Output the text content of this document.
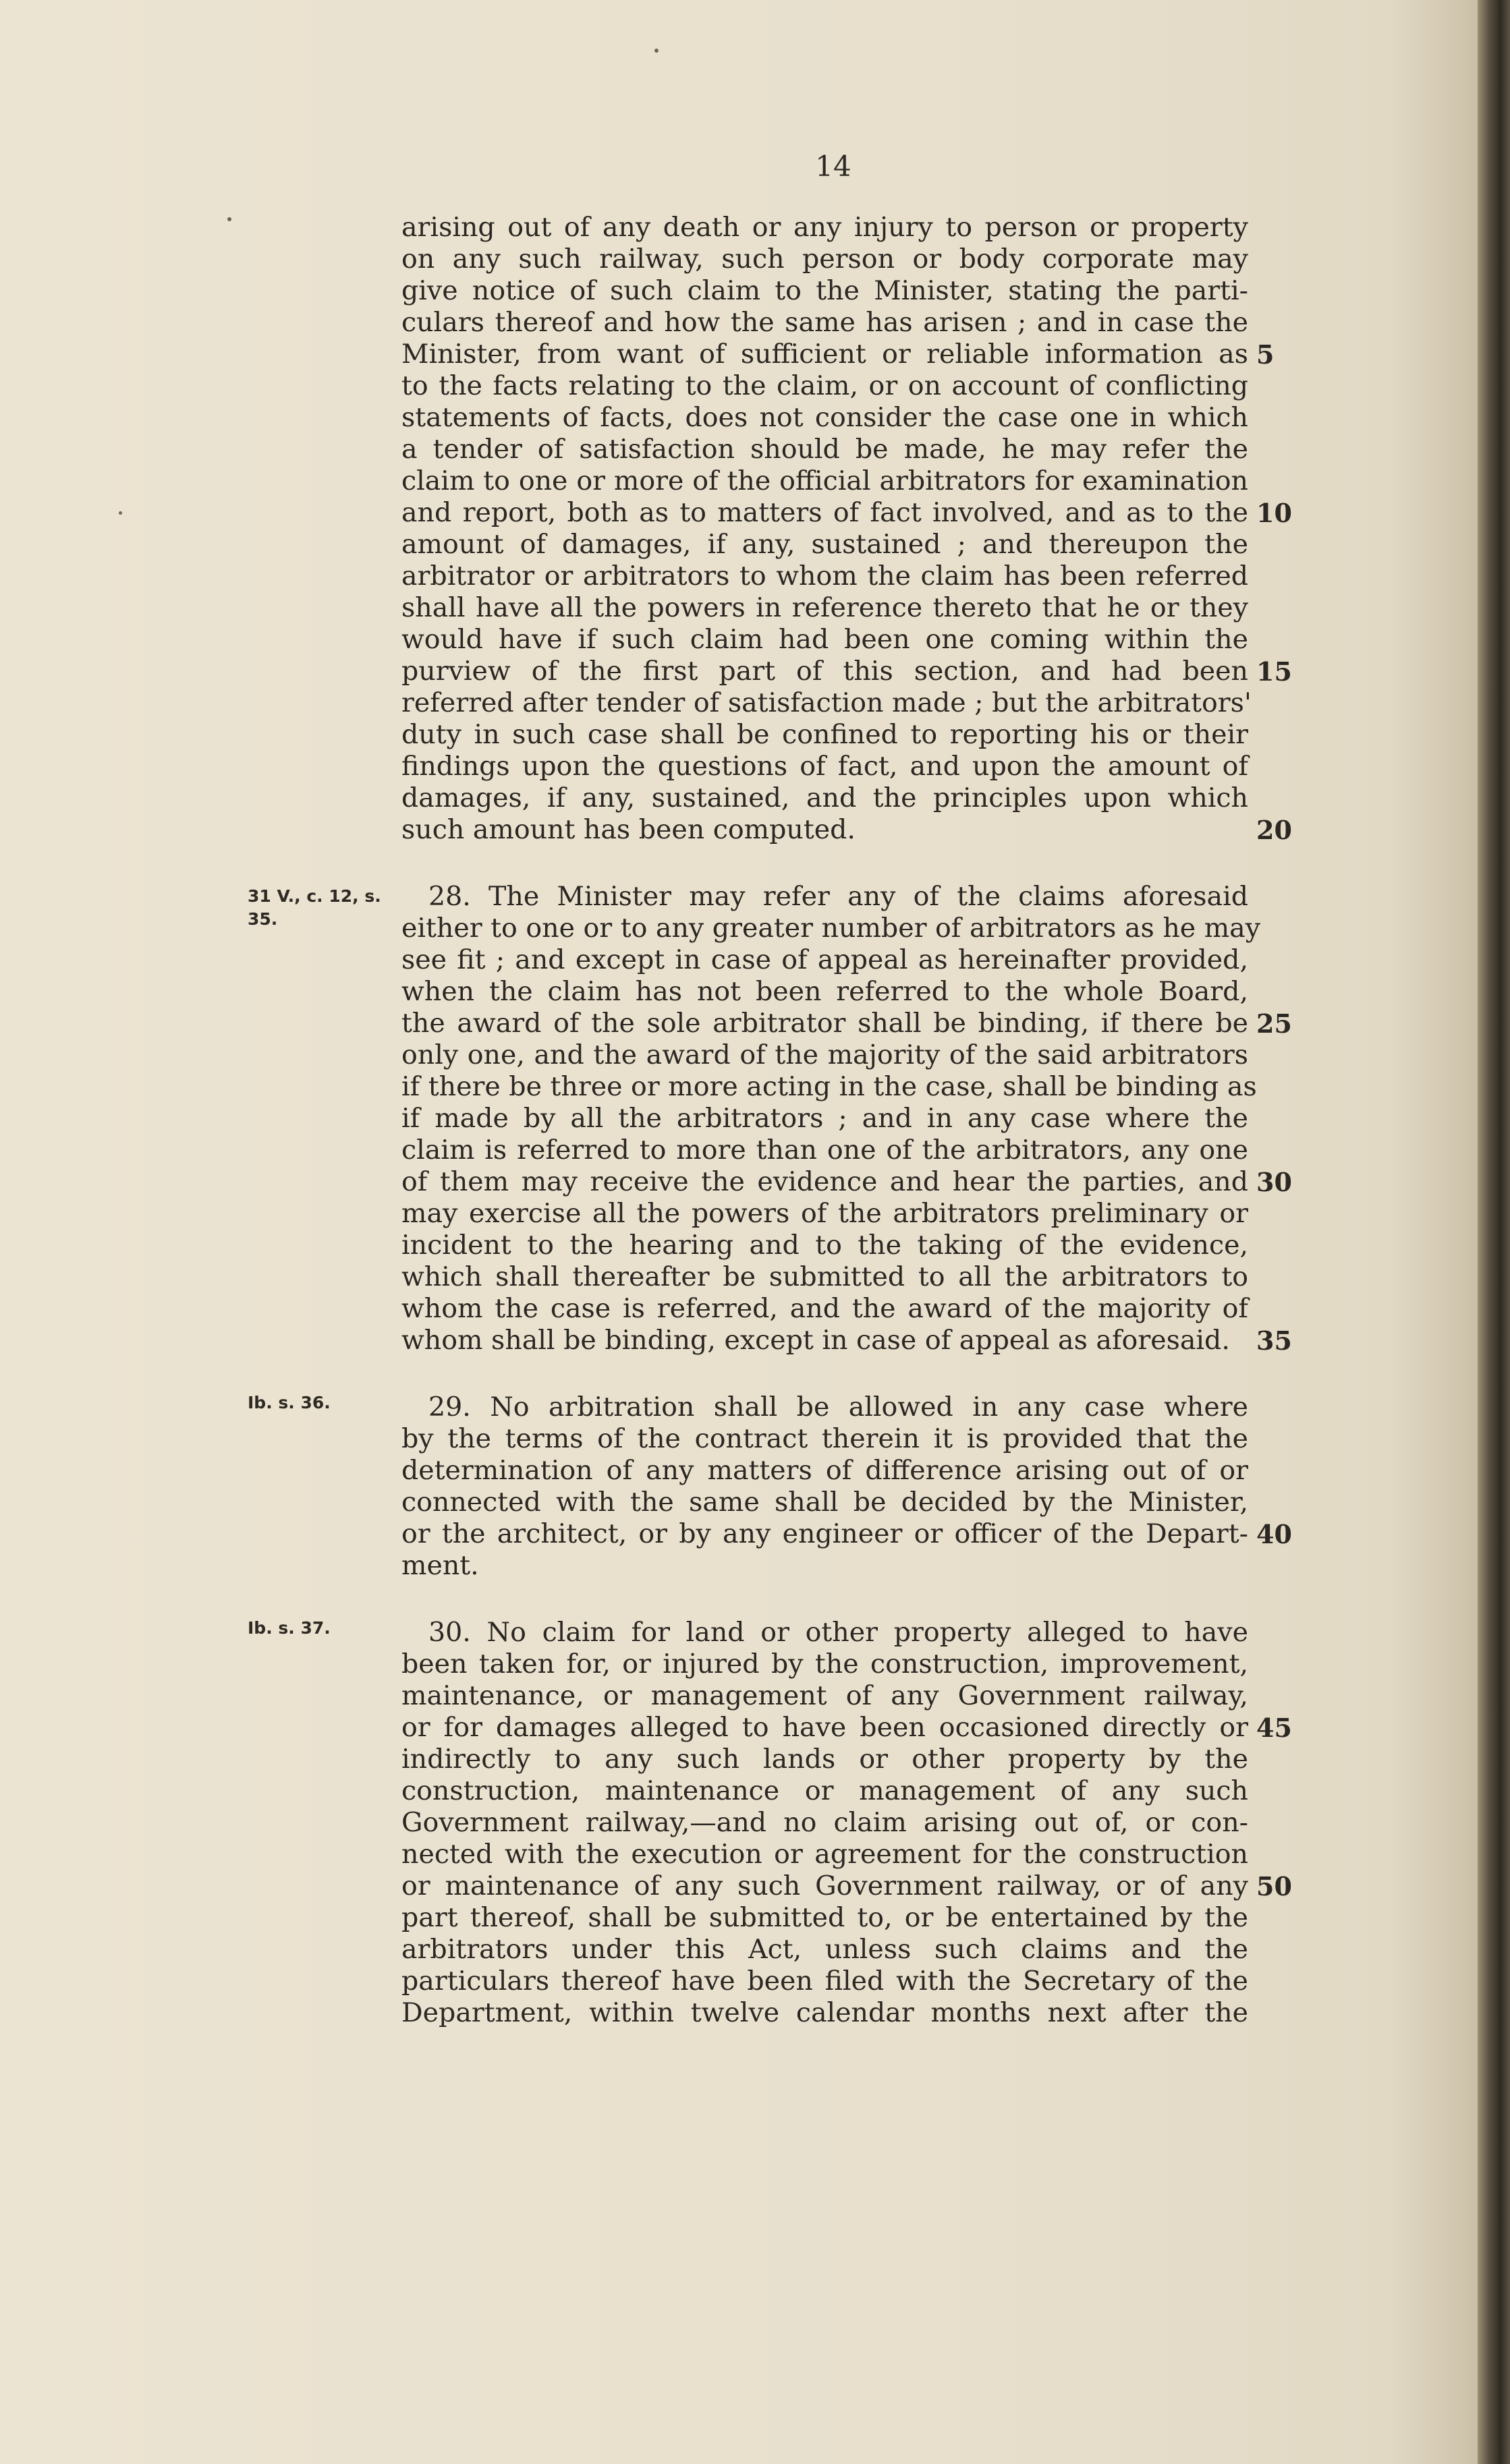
14
arising out of any death or any injury to person or property
on any such railway, such person or body corporate may
give notice of such claim to the Minister, stating the parti-
culars thereof and how the same has arisen ; and in case the
Minister, from want of sufficient or reliable information as
to the facts relating to the claim, or on account of conflicting
statements of facts, does not consider the case one in which
a tender of satisfaction should be made, he may refer the
claim to one or more of the official arbitrators for examination
and report, both as to matters of fact involved, and as to the
amount of damages, if any, sustained ; and thereupon the
arbitrator or arbitrators to whom the claim has been referred
shall have all the powers in reference thereto that he or they
would have if such claim had been one coming within the
purview of the first part of this section, and had been
referred after tender of satisfaction made ; but the arbitrators'
duty in such case shall be confined to reporting his or their
findings upon the questions of fact, and upon the amount of
damages, if any, sustained, and the principles upon which
such amount has been computed.
28. The Minister may refer any of the claims aforesaid
either to one or to any greater number of arbitrators as he may
see fit ; and except in case of appeal as hereinafter provided,
when the claim has not been referred to the whole Board,
the award of the sole arbitrator shall be binding, if there be
only one, and the award of the majority of the said arbitrators
if there be three or more acting in the case, shall be binding as
if made by all the arbitrators ; and in any case where the
claim is referred to more than one of the arbitrators, any one
of them may receive the evidence and hear the parties, and
may exercise all the powers of the arbitrators preliminary or
incident to the hearing and to the taking of the evidence,
which shall thereafter be submitted to all the arbitrators to
whom the case is referred, and the award of the majority of
whom shall be binding, except in case of appeal as aforesaid.
29. No arbitration shall be allowed in any case where
by the terms of the contract therein it is provided that the
determination of any matters of difference arising out of or
connected with the same shall be decided by the Minister,
or the architect, or by any engineer or officer of the Depart-
ment.
30. No claim for land or other property alleged to have
been taken for, or injured by the construction, improvement,
maintenance, or management of any Government railway,
or for damages alleged to have been occasioned directly or
indirectly to any such lands or other property by the
construction, maintenance or management of any such
Government railway,—and no claim arising out of, or con-
nected with the execution or agreement for the construction
or maintenance of any such Government railway, or of any
part thereof, shall be submitted to, or be entertained by the
arbitrators under this Act, unless such claims and the
particulars thereof have been filed with the Secretary of the
Department, within twelve calendar months next after the
5
10
15
20
25
30
35
40
45
50
31 V., c. 12, s.
35.
Ib. s. 36.
Ib. s. 37.
